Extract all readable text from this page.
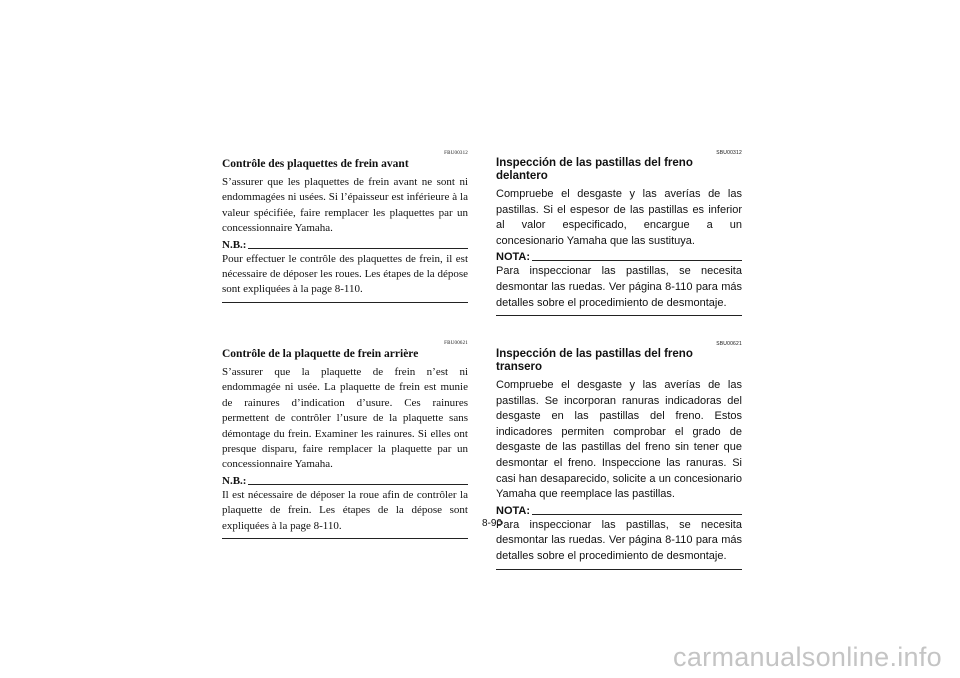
FBU00312
Contrôle des plaquettes de frein avant

S’assurer que les plaquettes de frein avant ne sont ni endommagées ni usées. Si l’épaisseur est inférieure à la valeur spécifiée, faire remplacer les plaquettes par un concessionnaire Yamaha.

N.B.:

Pour effectuer le contrôle des plaquettes de frein, il est nécessaire de déposer les roues. Les étapes de la dépose sont expliquées à la page 8-110.

FBU00621
Contrôle de la plaquette de frein arrière

S’assurer que la plaquette de frein n’est ni endommagée ni usée. La plaquette de frein est munie de rainures d’indication d’usure. Ces rainures permettent de contrôler l’usure de la plaquette sans démontage du frein. Examiner les rainures. Si elles ont presque disparu, faire remplacer la plaquette par un concessionnaire Yamaha.

N.B.:

Il est nécessaire de déposer la roue afin de contrôler la plaquette de frein. Les étapes de la dépose sont expliquées à la page 8-110.

SBU00312
Inspección de las pastillas del freno delantero

Compruebe el desgaste y las averías de las pastillas. Si el espesor de las pastillas es inferior al valor especificado, encargue a un concesionario Yamaha que las sustituya.

NOTA:

Para inspeccionar las pastillas, se necesita desmontar las ruedas. Ver página 8-110 para más detalles sobre el procedimiento de desmontaje.

SBU00621
Inspección de las pastillas del freno transero

Compruebe el desgaste y las averías de las pastillas. Se incorporan ranuras indicadoras del desgaste en las pastillas del freno. Estos indicadores permiten comprobar el grado de desgaste de las pastillas del freno sin tener que desmontar el freno. Inspeccione las ranuras. Si casi han desaparecido, solicite a un concesionario Yamaha que reemplace las pastillas.

NOTA:

Para inspeccionar las pastillas, se necesita desmontar las ruedas. Ver página 8-110 para más detalles sobre el procedimiento de desmontaje.

8-90
carmanualsonline.info
